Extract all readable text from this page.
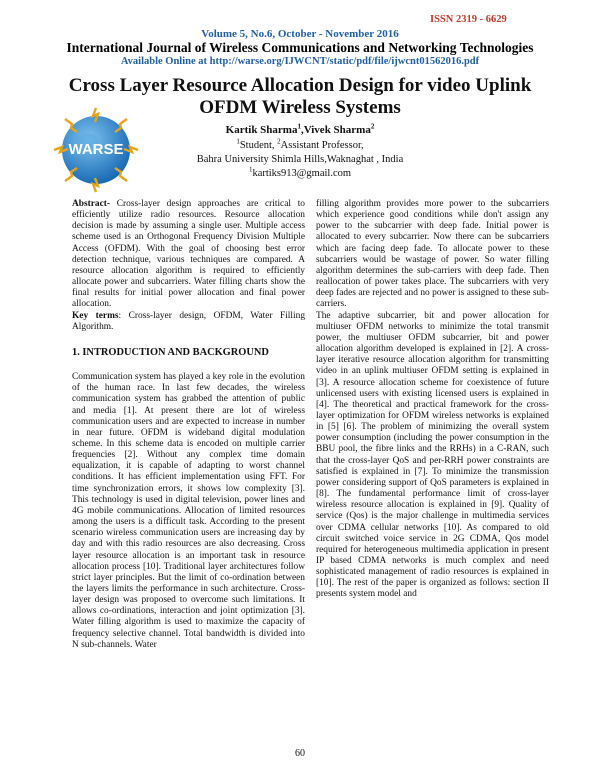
ISSN 2319 - 6629
Volume 5, No.6, October - November 2016
International Journal of Wireless Communications and Networking Technologies
Available Online at http://warse.org/IJWCNT/static/pdf/file/ijwcnt01562016.pdf
Cross Layer Resource Allocation Design for video Uplink OFDM Wireless Systems
WARSE
Kartik Sharma$^1$,Vivek Sharma$^2$
$^1$Student, $^2$Assistant Professor,
Bahra University Shimla Hills,Waknaghat , India
$^1$kartiks913@gmail.com

Abstract- Cross-layer design approaches are critical to efficiently utilize radio resources. Resource allocation decision is made by assuming a single user. Multiple access scheme used is an Orthogonal Frequency Division Multiple Access (OFDM). With the goal of choosing best error detection technique, various techniques are compared. A resource allocation algorithm is required to efficiently allocate power and subcarriers. Water filling charts show the final results for initial power allocation and final power allocation.

Key terms: Cross-layer design, OFDM, Water Filling Algorithm.

1. INTRODUCTION AND BACKGROUND

Communication system has played a key role in the evolution of the human race. In last few decades, the wireless communication system has grabbed the attention of public and media [1]. At present there are lot of wireless communication users and are expected to increase in number in near future. OFDM is wideband digital modulation scheme. In this scheme data is encoded on multiple carrier frequencies [2]. Without any complex time domain equalization, it is capable of adapting to worst channel conditions. It has efficient implementation using FFT. For time synchronization errors, it shows low complexity [3]. This technology is used in digital television, power lines and 4G mobile communications. Allocation of limited resources among the users is a difficult task. According to the present scenario wireless communication users are increasing day by day and with this radio resources are also decreasing. Cross layer resource allocation is an important task in resource allocation process [10]. Traditional layer architectures follow strict layer principles. But the limit of co-ordination between the layers limits the performance in such architecture. Cross-layer design was proposed to overcome such limitations. It allows co-ordinations, interaction and joint optimization [3]. Water filling algorithm is used to maximize the capacity of frequency selective channel. Total bandwidth is divided into N sub-channels. Water

filling algorithm provides more power to the subcarriers which experience good conditions while don't assign any power to the subcarrier with deep fade. Initial power is allocated to every subcarrier. Now there can be subcarriers which are facing deep fade. To allocate power to these subcarriers would be wastage of power. So water filling algorithm determines the sub-carriers with deep fade. Then reallocation of power takes place. The subcarriers with very deep fades are rejected and no power is assigned to these sub-carriers.

The adaptive subcarrier, bit and power allocation for multiuser OFDM networks to minimize the total transmit power, the multiuser OFDM subcarrier, bit and power allocation algorithm developed is explained in [2]. A cross-layer iterative resource allocation algorithm for transmitting video in an uplink multiuser OFDM setting is explained in [3]. A resource allocation scheme for coexistence of future unlicensed users with existing licensed users is explained in [4]. The theoretical and practical framework for the cross-layer optimization for OFDM wireless networks is explained in [5] [6]. The problem of minimizing the overall system power consumption (including the power consumption in the BBU pool, the fibre links and the RRHs) in a C-RAN, such that the cross-layer QoS and per-RRH power constraints are satisfied is explained in [7]. To minimize the transmission power considering support of QoS parameters is explained in [8]. The fundamental performance limit of cross-layer wireless resource allocation is explained in [9]. Quality of service (Qos) is the major challenge in multimedia services over CDMA cellular networks [10]. As compared to old circuit switched voice service in 2G CDMA, Qos model required for heterogeneous multimedia application in present IP based CDMA networks is much complex and need sophisticated management of radio resources is explained in [10]. The rest of the paper is organized as follows: section II presents system model and

60
